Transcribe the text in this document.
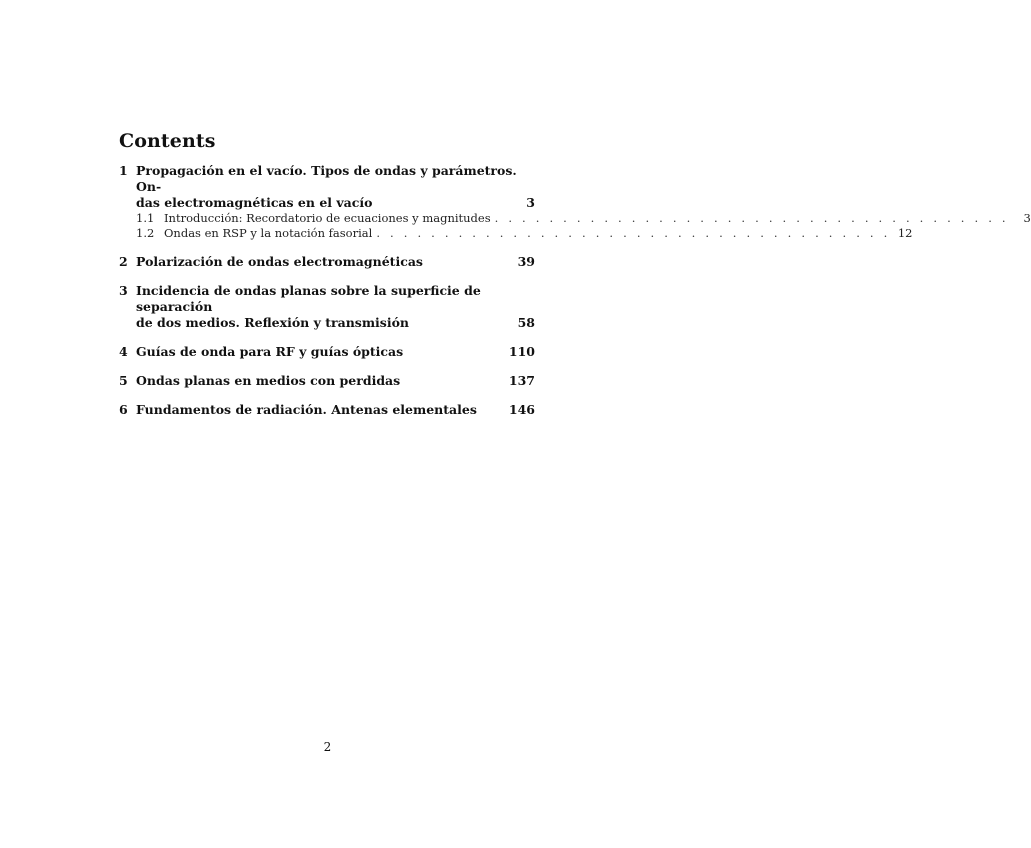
Contents
1 Propagación en el vacío. Tipos de ondas y parámetros. On-
das electromagnéticas en el vacío	3
1.1 Introducción: Recordatorio de ecuaciones y magnitudes . . . . . . . . . . . . . . . . . . . . . . . . . . . . . . . . . . . . . .	3
1.2 Ondas en RSP y la notación fasorial . . . . . . . . . . . . . . . . . . . . . . . . . . . . . . . . . . . . . . 12
2 Polarización de ondas electromagnéticas	39
3 Incidencia de ondas planas sobre la superficie de separación
de dos medios. Reflexión y transmisión	58
4 Guías de onda para RF y guías ópticas	110
5 Ondas planas en medios con perdidas	137
6 Fundamentos de radiación. Antenas elementales	146
2
